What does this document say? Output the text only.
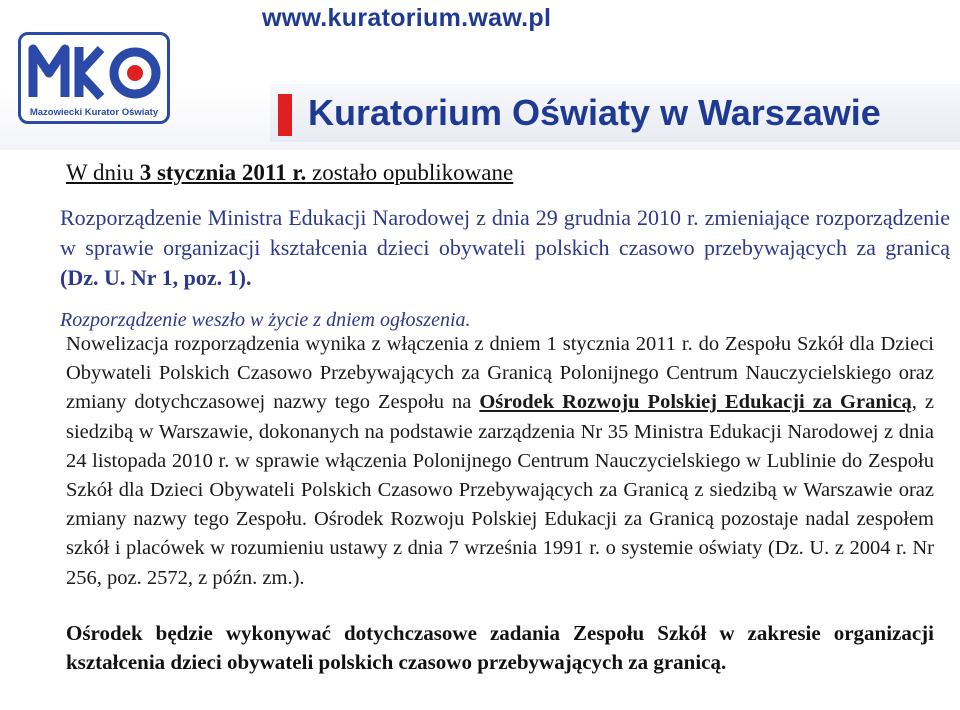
www.kuratorium.waw.pl
Mazowiecki Kurator Oświaty	Kuratorium Oświaty w Warszawie
W dniu 3 stycznia 2011 r. zostało opublikowane
Rozporządzenie Ministra Edukacji Narodowej z dnia 29 grudnia 2010 r. zmieniające rozporządzenie w sprawie organizacji kształcenia dzieci obywateli polskich czasowo przebywających za granicą (Dz. U. Nr 1, poz. 1).
Rozporządzenie weszło w życie z dniem ogłoszenia.
Nowelizacja rozporządzenia wynika z włączenia z dniem 1 stycznia 2011 r. do Zespołu Szkół dla Dzieci Obywateli Polskich Czasowo Przebywających za Granicą Polonijnego Centrum Nauczycielskiego oraz zmiany dotychczasowej nazwy tego Zespołu na Ośrodek Rozwoju Polskiej Edukacji za Granicą, z siedzibą w Warszawie, dokonanych na podstawie zarządzenia Nr 35 Ministra Edukacji Narodowej z dnia 24 listopada 2010 r. w sprawie włączenia Polonijnego Centrum Nauczycielskiego w Lublinie do Zespołu Szkół dla Dzieci Obywateli Polskich Czasowo Przebywających za Granicą z siedzibą w Warszawie oraz zmiany nazwy tego Zespołu. Ośrodek Rozwoju Polskiej Edukacji za Granicą pozostaje nadal zespołem szkół i placówek w rozumieniu ustawy z dnia 7 września 1991 r. o systemie oświaty (Dz. U. z 2004 r. Nr 256, poz. 2572, z późn. zm.).
Ośrodek będzie wykonywać dotychczasowe zadania Zespołu Szkół w zakresie organizacji kształcenia dzieci obywateli polskich czasowo przebywających za granicą.
